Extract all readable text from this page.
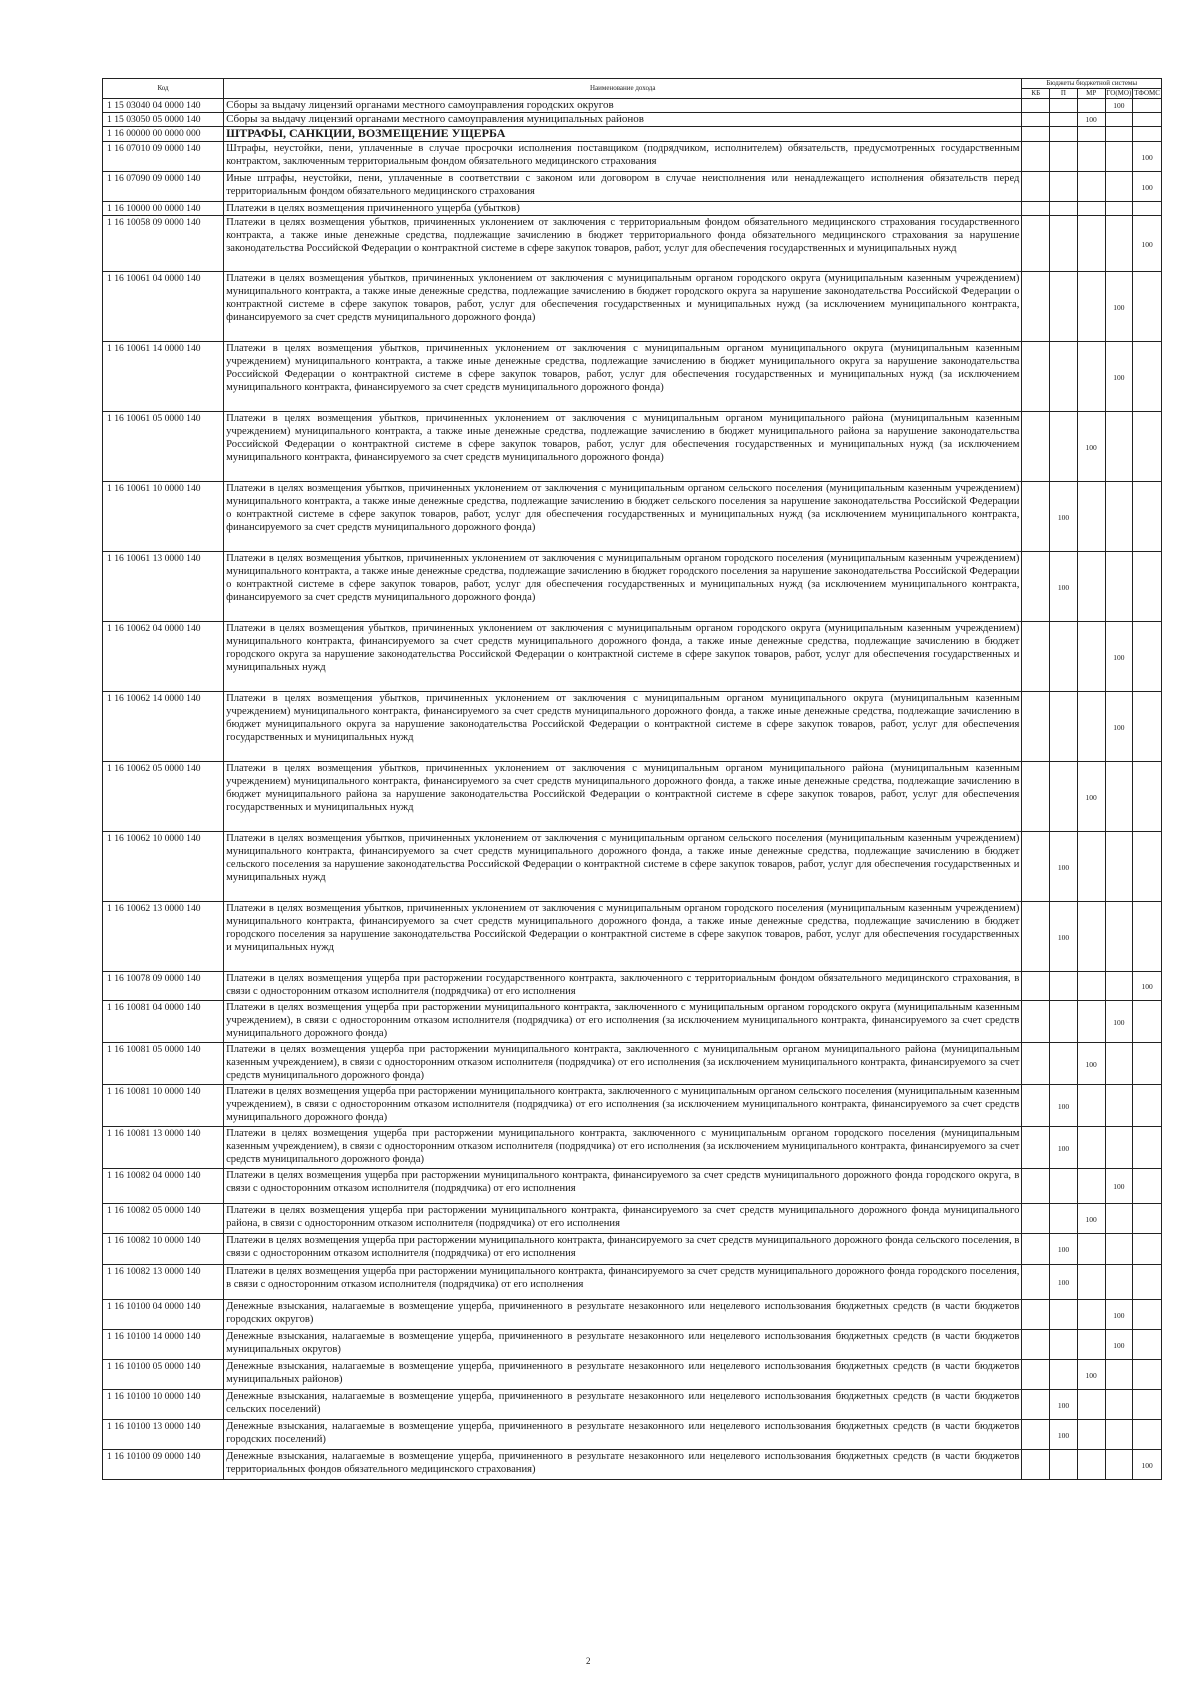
Код	Наименование дохода	Бюджеты бюджетной системы				
		КБ	П	МР	ГО(МО)	ТФОМС
1 15 03040 04 0000 140	Сборы за выдачу лицензий органами местного самоуправления городских округов				100	

1 15 03050 05 0000 140	Сборы за выдачу лицензий органами местного самоуправления муниципальных районов			100		

1 16 00000 00 0000 000	ШТРАФЫ, САНКЦИИ, ВОЗМЕЩЕНИЕ УЩЕРБА					
1 16 07010 09 0000 140	Штрафы, неустойки, пени, уплаченные в случае просрочки исполнения поставщиком (подрядчиком, исполнителем) обязательств, предусмотренных государственным контрактом, заключенным территориальным фондом обязательного медицинского страхования					100

1 16 07090 09 0000 140	Иные штрафы, неустойки, пени, уплаченные в соответствии с законом или договором в случае неисполнения или ненадлежащего исполнения обязательств перед территориальным фондом обязательного медицинского страхования					100

1 16 10000 00 0000 140	Платежи в целях возмещения причиненного ущерба (убытков)					
1 16 10058 09 0000 140	Платежи в целях возмещения убытков, причиненных уклонением от заключения с территориальным фондом обязательного медицинского страхования государственного контракта, а также иные денежные средства, подлежащие зачислению в бюджет территориального фонда обязательного медицинского страхования за нарушение законодательства Российской Федерации о контрактной системе в сфере закупок товаров, работ, услуг для обеспечения государственных и муниципальных нужд					100

1 16 10061 04 0000 140	Платежи в целях возмещения убытков, причиненных уклонением от заключения с муниципальным органом городского округа (муниципальным казенным учреждением) муниципального контракта, а также иные денежные средства, подлежащие зачислению в бюджет городского округа за нарушение законодательства Российской Федерации о контрактной системе в сфере закупок товаров, работ, услуг для обеспечения государственных и муниципальных нужд (за исключением муниципального контракта, финансируемого за счет средств муниципального дорожного фонда)				100	

1 16 10061 14 0000 140	Платежи в целях возмещения убытков, причиненных уклонением от заключения с муниципальным органом муниципального округа (муниципальным казенным учреждением) муниципального контракта, а также иные денежные средства, подлежащие зачислению в бюджет муниципального округа за нарушение законодательства Российской Федерации о контрактной системе в сфере закупок товаров, работ, услуг для обеспечения государственных и муниципальных нужд (за исключением муниципального контракта, финансируемого за счет средств муниципального дорожного фонда)				100	

1 16 10061 05 0000 140	Платежи в целях возмещения убытков, причиненных уклонением от заключения с муниципальным органом муниципального района (муниципальным казенным учреждением) муниципального контракта, а также иные денежные средства, подлежащие зачислению в бюджет муниципального района за нарушение законодательства Российской Федерации о контрактной системе в сфере закупок товаров, работ, услуг для обеспечения государственных и муниципальных нужд (за исключением муниципального контракта, финансируемого за счет средств муниципального дорожного фонда)			100		

1 16 10061 10 0000 140	Платежи в целях возмещения убытков, причиненных уклонением от заключения с муниципальным органом сельского поселения (муниципальным казенным учреждением) муниципального контракта, а также иные денежные средства, подлежащие зачислению в бюджет сельского поселения за нарушение законодательства Российской Федерации о контрактной системе в сфере закупок товаров, работ, услуг для обеспечения государственных и муниципальных нужд (за исключением муниципального контракта, финансируемого за счет средств муниципального дорожного фонда)		100			

1 16 10061 13 0000 140	Платежи в целях возмещения убытков, причиненных уклонением от заключения с муниципальным органом городского поселения (муниципальным казенным учреждением) муниципального контракта, а также иные денежные средства, подлежащие зачислению в бюджет городского поселения за нарушение законодательства Российской Федерации о контрактной системе в сфере закупок товаров, работ, услуг для обеспечения государственных и муниципальных нужд (за исключением муниципального контракта, финансируемого за счет средств муниципального дорожного фонда)		100			

1 16 10062 04 0000 140	Платежи в целях возмещения убытков, причиненных уклонением от заключения с муниципальным органом городского округа (муниципальным казенным учреждением) муниципального контракта, финансируемого за счет средств муниципального дорожного фонда, а также иные денежные средства, подлежащие зачислению в бюджет городского округа за нарушение законодательства Российской Федерации о контрактной системе в сфере закупок товаров, работ, услуг для обеспечения государственных и муниципальных нужд				100	

1 16 10062 14 0000 140	Платежи в целях возмещения убытков, причиненных уклонением от заключения с муниципальным органом муниципального округа (муниципальным казенным учреждением) муниципального контракта, финансируемого за счет средств муниципального дорожного фонда, а также иные денежные средства, подлежащие зачислению в бюджет муниципального округа за нарушение законодательства Российской Федерации о контрактной системе в сфере закупок товаров, работ, услуг для обеспечения государственных и муниципальных нужд				100	

1 16 10062 05 0000 140	Платежи в целях возмещения убытков, причиненных уклонением от заключения с муниципальным органом муниципального района (муниципальным казенным учреждением) муниципального контракта, финансируемого за счет средств муниципального дорожного фонда, а также иные денежные средства, подлежащие зачислению в бюджет муниципального района за нарушение законодательства Российской Федерации о контрактной системе в сфере закупок товаров, работ, услуг для обеспечения государственных и муниципальных нужд			100		

1 16 10062 10 0000 140	Платежи в целях возмещения убытков, причиненных уклонением от заключения с муниципальным органом сельского поселения (муниципальным казенным учреждением) муниципального контракта, финансируемого за счет средств муниципального дорожного фонда, а также иные денежные средства, подлежащие зачислению в бюджет сельского поселения за нарушение законодательства Российской Федерации о контрактной системе в сфере закупок товаров, работ, услуг для обеспечения государственных и муниципальных нужд		100			

1 16 10062 13 0000 140	Платежи в целях возмещения убытков, причиненных уклонением от заключения с муниципальным органом городского поселения (муниципальным казенным учреждением) муниципального контракта, финансируемого за счет средств муниципального дорожного фонда, а также иные денежные средства, подлежащие зачислению в бюджет городского поселения за нарушение законодательства Российской Федерации о контрактной системе в сфере закупок товаров, работ, услуг для обеспечения государственных и муниципальных нужд		100			

1 16 10078 09 0000 140	Платежи в целях возмещения ущерба при расторжении государственного контракта, заключенного с территориальным фондом обязательного медицинского страхования, в связи с односторонним отказом исполнителя (подрядчика) от его исполнения					100

1 16 10081 04 0000 140	Платежи в целях возмещения ущерба при расторжении муниципального контракта, заключенного с муниципальным органом городского округа (муниципальным казенным учреждением), в связи с односторонним отказом исполнителя (подрядчика) от его исполнения (за исключением муниципального контракта, финансируемого за счет средств муниципального дорожного фонда)				100	

1 16 10081 05 0000 140	Платежи в целях возмещения ущерба при расторжении муниципального контракта, заключенного с муниципальным органом муниципального района (муниципальным казенным учреждением), в связи с односторонним отказом исполнителя (подрядчика) от его исполнения (за исключением муниципального контракта, финансируемого за счет средств муниципального дорожного фонда)			100		

1 16 10081 10 0000 140	Платежи в целях возмещения ущерба при расторжении муниципального контракта, заключенного с муниципальным органом сельского поселения (муниципальным казенным учреждением), в связи с односторонним отказом исполнителя (подрядчика) от его исполнения (за исключением муниципального контракта, финансируемого за счет средств муниципального дорожного фонда)		100			

1 16 10081 13 0000 140	Платежи в целях возмещения ущерба при расторжении муниципального контракта, заключенного с муниципальным органом городского поселения (муниципальным казенным учреждением), в связи с односторонним отказом исполнителя (подрядчика) от его исполнения (за исключением муниципального контракта, финансируемого за счет средств муниципального дорожного фонда)		100			

1 16 10082 04 0000 140	Платежи в целях возмещения ущерба при расторжении муниципального контракта, финансируемого за счет средств муниципального дорожного фонда городского округа, в связи с односторонним отказом исполнителя (подрядчика) от его исполнения				100	

1 16 10082 05 0000 140	Платежи в целях возмещения ущерба при расторжении муниципального контракта, финансируемого за счет средств муниципального дорожного фонда муниципального района, в связи с односторонним отказом исполнителя (подрядчика) от его исполнения			100		

1 16 10082 10 0000 140	Платежи в целях возмещения ущерба при расторжении муниципального контракта, финансируемого за счет средств муниципального дорожного фонда сельского поселения, в связи с односторонним отказом исполнителя (подрядчика) от его исполнения		100			

1 16 10082 13 0000 140	Платежи в целях возмещения ущерба при расторжении муниципального контракта, финансируемого за счет средств муниципального дорожного фонда городского поселения, в связи с односторонним отказом исполнителя (подрядчика) от его исполнения		100			

1 16 10100 04 0000 140	Денежные взыскания, налагаемые в возмещение ущерба, причиненного в результате незаконного или нецелевого использования бюджетных средств (в части бюджетов городских округов)				100	

1 16 10100 14 0000 140	Денежные взыскания, налагаемые в возмещение ущерба, причиненного в результате незаконного или нецелевого использования бюджетных средств (в части бюджетов муниципальных округов)				100	

1 16 10100 05 0000 140	Денежные взыскания, налагаемые в возмещение ущерба, причиненного в результате незаконного или нецелевого использования бюджетных средств (в части бюджетов муниципальных районов)			100		

1 16 10100 10 0000 140	Денежные взыскания, налагаемые в возмещение ущерба, причиненного в результате незаконного или нецелевого использования бюджетных средств (в части бюджетов сельских поселений)		100			

1 16 10100 13 0000 140	Денежные взыскания, налагаемые в возмещение ущерба, причиненного в результате незаконного или нецелевого использования бюджетных средств (в части бюджетов городских поселений)		100			

1 16 10100 09 0000 140	Денежные взыскания, налагаемые в возмещение ущерба, причиненного в результате незаконного или нецелевого использования бюджетных средств (в части бюджетов территориальных фондов обязательного медицинского страхования)					100
2
